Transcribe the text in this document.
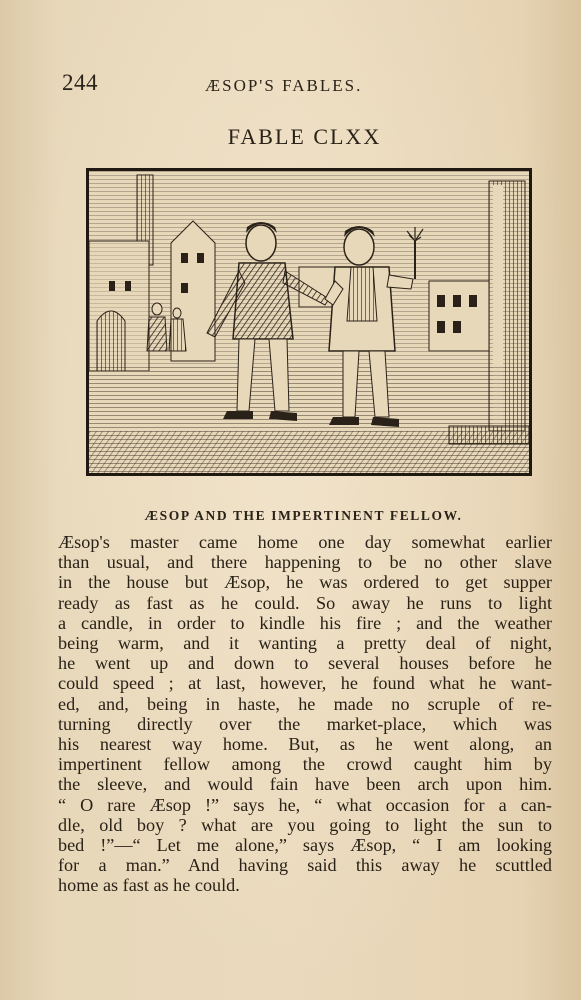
244	ÆSOP'S FABLES.
FABLE CLXX
ÆSOP AND THE IMPERTINENT FELLOW.

Æsop's master came home one day somewhat earlier

than usual, and there happening to be no other slave

in the house but Æsop, he was ordered to get supper

ready as fast as he could. So away he runs to light

a candle, in order to kindle his fire ; and the weather

being warm, and it wanting a pretty deal of night,

he went up and down to several houses before he

could speed ; at last, however, he found what he want-

ed, and, being in haste, he made no scruple of re-

turning directly over the market-place, which was

his nearest way home. But, as he went along, an

impertinent fellow among the crowd caught him by

the sleeve, and would fain have been arch upon him.

“ O rare Æsop !” says he, “ what occasion for a can-

dle, old boy ? what are you going to light the sun to

bed !”—“ Let me alone,” says Æsop, “ I am looking

for a man.” And having said this away he scuttled

home as fast as he could.
